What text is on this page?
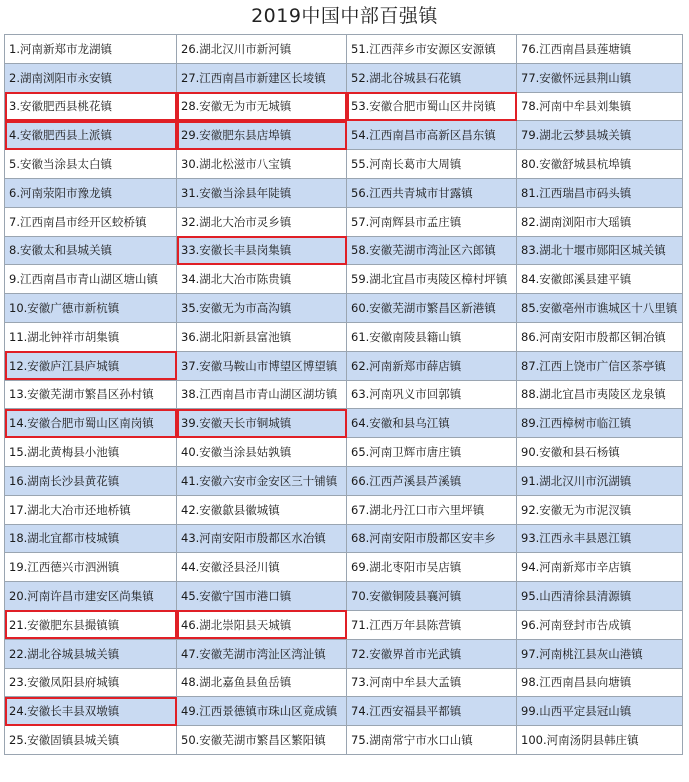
2019中国中部百强镇
1.河南新郑市龙湖镇	26.湖北汉川市新河镇	51.江西萍乡市安源区安源镇	76.江西南昌县莲塘镇
2.湖南浏阳市永安镇	27.江西南昌市新建区长堎镇	52.湖北谷城县石花镇	77.安徽怀远县荆山镇
3.安徽肥西县桃花镇	28.安徽无为市无城镇	53.安徽合肥市蜀山区井岗镇	78.河南中牟县刘集镇
4.安徽肥西县上派镇	29.安徽肥东县店埠镇	54.江西南昌市高新区昌东镇	79.湖北云梦县城关镇
5.安徽当涂县太白镇	30.湖北松滋市八宝镇	55.河南长葛市大周镇	80.安徽舒城县杭埠镇
6.河南荥阳市豫龙镇	31.安徽当涂县年陡镇	56.江西共青城市甘露镇	81.江西瑞昌市码头镇
7.江西南昌市经开区蛟桥镇	32.湖北大冶市灵乡镇	57.河南辉县市孟庄镇	82.湖南浏阳市大瑶镇
8.安徽太和县城关镇	33.安徽长丰县岗集镇	58.安徽芜湖市湾沚区六郎镇	83.湖北十堰市郧阳区城关镇
9.江西南昌市青山湖区塘山镇	34.湖北大冶市陈贵镇	59.湖北宜昌市夷陵区樟村坪镇	84.安徽郎溪县建平镇
10.安徽广德市新杭镇	35.安徽无为市高沟镇	60.安徽芜湖市繁昌区新港镇	85.安徽亳州市谯城区十八里镇
11.湖北钟祥市胡集镇	36.湖北阳新县富池镇	61.安徽南陵县籍山镇	86.河南安阳市殷都区铜冶镇
12.安徽庐江县庐城镇	37.安徽马鞍山市博望区博望镇	62.河南新郑市薛店镇	87.江西上饶市广信区茶亭镇
13.安徽芜湖市繁昌区孙村镇	38.江西南昌市青山湖区湖坊镇	63.河南巩义市回郭镇	88.湖北宜昌市夷陵区龙泉镇
14.安徽合肥市蜀山区南岗镇	39.安徽天长市铜城镇	64.安徽和县乌江镇	89.江西樟树市临江镇
15.湖北黄梅县小池镇	40.安徽当涂县姑孰镇	65.河南卫辉市唐庄镇	90.安徽和县石杨镇
16.湖南长沙县黄花镇	41.安徽六安市金安区三十铺镇	66.江西芦溪县芦溪镇	91.湖北汉川市沉湖镇
17.湖北大冶市还地桥镇	42.安徽歙县徽城镇	67.湖北丹江口市六里坪镇	92.安徽无为市泥汊镇
18.湖北宜都市枝城镇	43.河南安阳市殷都区水冶镇	68.河南安阳市殷都区安丰乡	93.江西永丰县恩江镇
19.江西德兴市泗洲镇	44.安徽泾县泾川镇	69.湖北枣阳市吴店镇	94.河南新郑市辛店镇
20.河南许昌市建安区尚集镇	45.安徽宁国市港口镇	70.安徽铜陵县襄河镇	95.山西清徐县清源镇
21.安徽肥东县撮镇镇	46.湖北崇阳县天城镇	71.江西万年县陈营镇	96.河南登封市告成镇
22.湖北谷城县城关镇	47.安徽芜湖市湾沚区湾沚镇	72.安徽界首市光武镇	97.河南桃江县灰山港镇
23.安徽凤阳县府城镇	48.湖北嘉鱼县鱼岳镇	73.河南中牟县大孟镇	98.江西南昌县向塘镇
24.安徽长丰县双墩镇	49.江西景德镇市珠山区竟成镇	74.江西安福县平都镇	99.山西平定县冠山镇
25.安徽固镇县城关镇	50.安徽芜湖市繁昌区繁阳镇	75.湖南常宁市水口山镇	100.河南汤阴县韩庄镇
